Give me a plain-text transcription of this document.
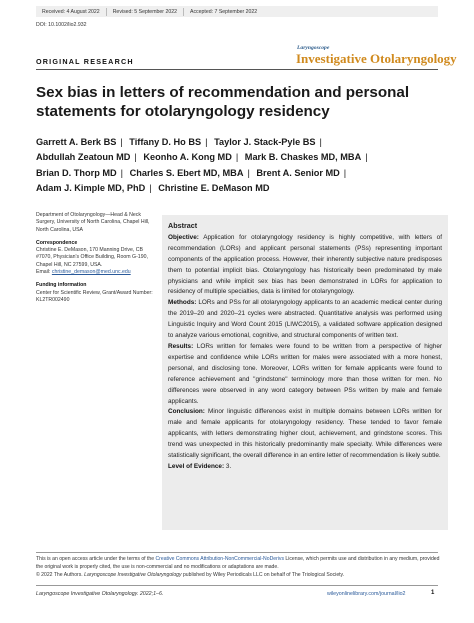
Received: 4 August 2022	Revised: 5 September 2022	Accepted: 7 September 2022
DOI: 10.1002/lio2.932
ORIGINAL RESEARCH
Laryngoscope
Investigative Otolaryngology
Sex bias in letters of recommendation and personal statements for otolaryngology residency
Garrett A. Berk BS | Tiffany D. Ho BS | Taylor J. Stack-Pyle BS |
Abdullah Zeatoun MD | Keonho A. Kong MD | Mark B. Chaskes MD, MBA |
Brian D. Thorp MD | Charles S. Ebert MD, MBA | Brent A. Senior MD |
Adam J. Kimple MD, PhD | Christine E. DeMason MD
Department of Otolaryngology—Head & Neck Surgery, University of North Carolina, Chapel Hill, North Carolina, USA
Correspondence
Christine E. DeMason, 170 Manning Drive, CB #7070, Physician's Office Building, Room G-190, Chapel Hill, NC 27599, USA.
Email: christine_demason@med.unc.edu
Funding information
Center for Scientific Review, Grant/Award Number: KL2TR002490
Abstract

Objective: Application for otolaryngology residency is highly competitive, with letters of recommendation (LORs) and applicant personal statements (PSs) representing important components of the application process. However, their inherently subjective nature predisposes them to potential implicit bias. Otolaryngology has historically been predominated by male physicians and while implicit sex bias has been demonstrated in LORs for application to residency of multiple specialties, data is limited for otolaryngology.

Methods: LORs and PSs for all otolaryngology applicants to an academic medical center during the 2019–20 and 2020–21 cycles were abstracted. Quantitative analysis was performed using Linguistic Inquiry and Word Count 2015 (LIWC2015), a validated software application designed to analyze various emotional, cognitive, and structural components of written text.

Results: LORs written for females were found to be written from a perspective of higher expertise and confidence while LORs written for males were associated with a more honest, personal, and disclosing tone. Moreover, LORs written for female applicants were found to reference achievement and "grindstone" terminology more than those written for men. No differences were observed in any word category between PSs written by male and female applicants.

Conclusion: Minor linguistic differences exist in multiple domains between LORs written for male and female applicants for otolaryngology residency. These tended to favor female applicants, with letters demonstrating higher clout, achievement, and grindstone scores. This trend was unexpected in this historically predominantly male specialty. While differences were statistically significant, the overall difference in an entire letter of recommendation is likely subtle.

Level of Evidence: 3.

This is an open access article under the terms of the Creative Commons Attribution-NonCommercial-NoDerivs License, which permits use and distribution in any medium, provided the original work is properly cited, the use is non-commercial and no modifications or adaptations are made.
© 2022 The Authors. Laryngoscope Investigative Otolaryngology published by Wiley Periodicals LLC on behalf of The Triological Society.
Laryngoscope Investigative Otolaryngology. 2022;1–6.	wileyonlinelibrary.com/journal/lio2	1
